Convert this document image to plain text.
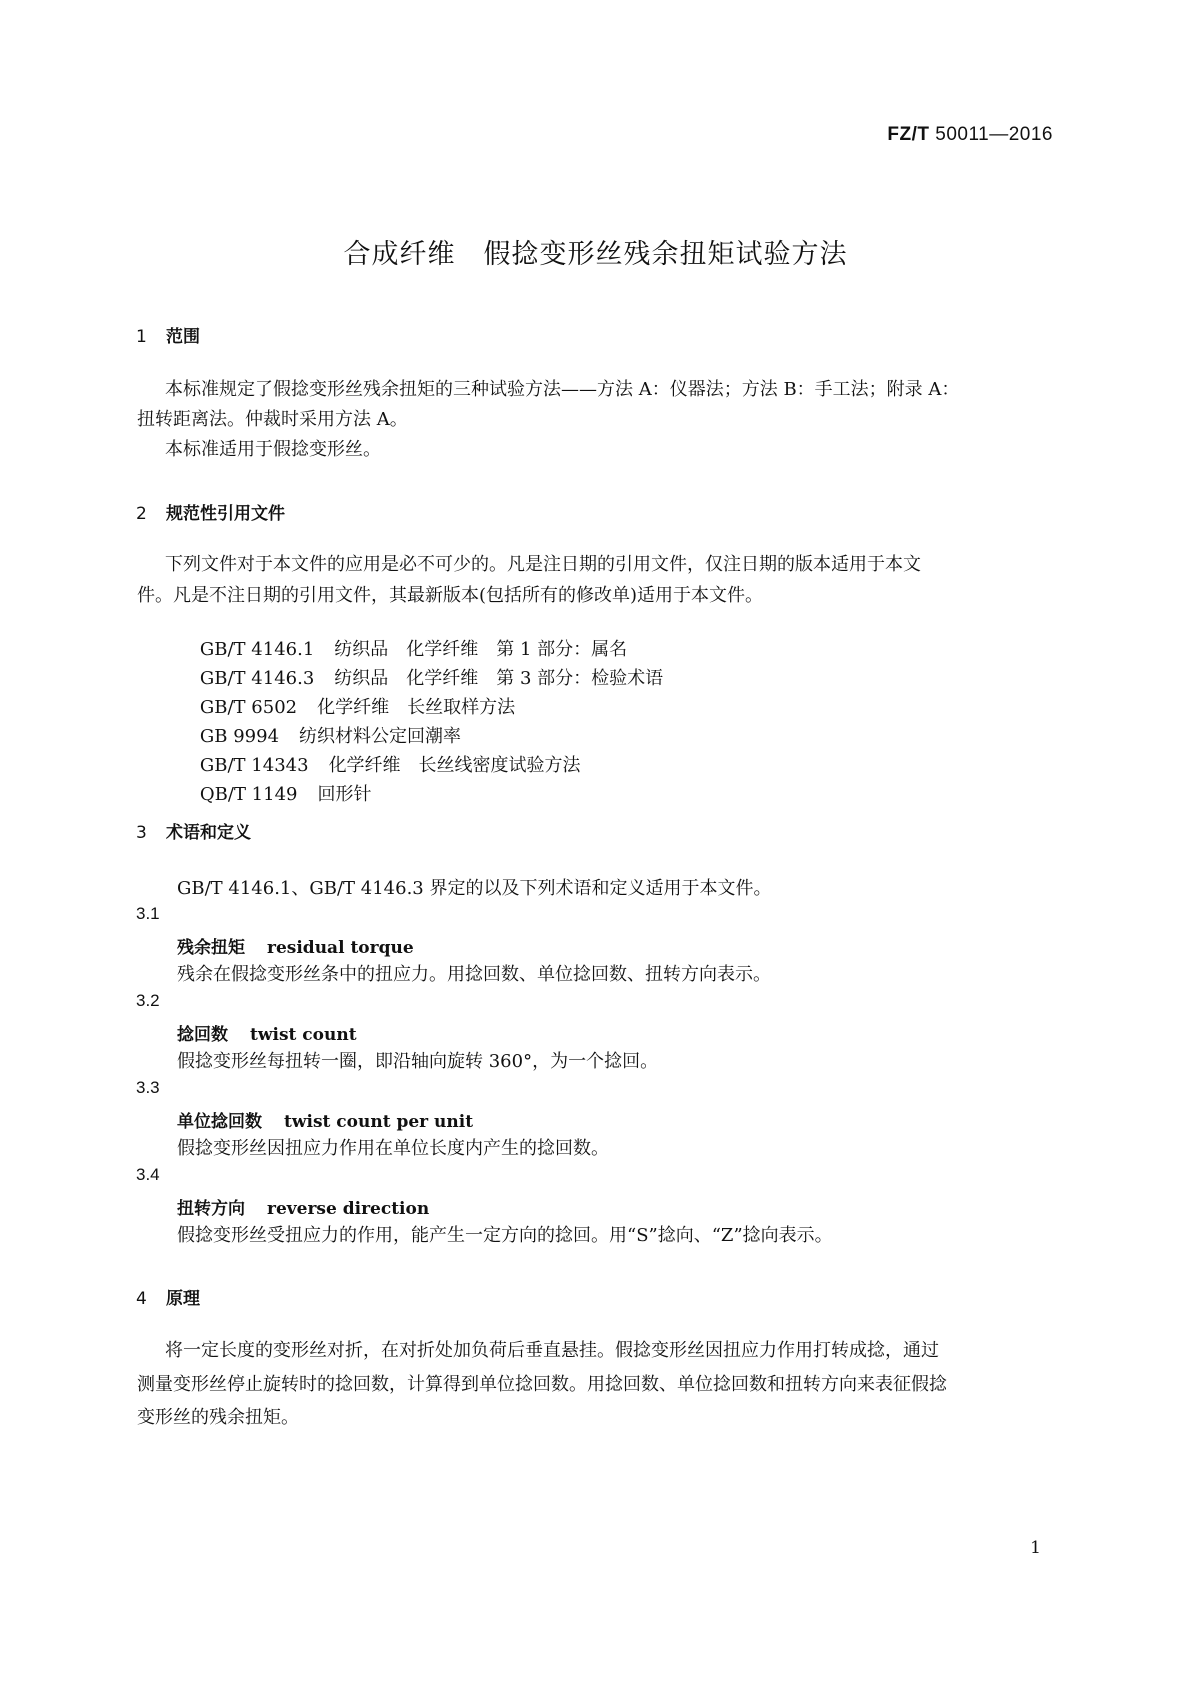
FZ/T 50011—2016
合成纤维　假捻变形丝残余扭矩试验方法
1 范围
本标准规定了假捻变形丝残余扭矩的三种试验方法——方法 A：仪器法；方法 B：手工法；附录 A：
扭转距离法。仲裁时采用方法 A。
本标准适用于假捻变形丝。
2 规范性引用文件
下列文件对于本文件的应用是必不可少的。凡是注日期的引用文件，仅注日期的版本适用于本文
件。凡是不注日期的引用文件，其最新版本(包括所有的修改单)适用于本文件。

GB/T 4146.1 纺织品　化学纤维　第 1 部分：属名

GB/T 4146.3 纺织品　化学纤维　第 3 部分：检验术语

GB/T 6502 化学纤维　长丝取样方法

GB 9994 纺织材料公定回潮率

GB/T 14343 化学纤维　长丝线密度试验方法

QB/T 1149 回形针

3 术语和定义
GB/T 4146.1、GB/T 4146.3 界定的以及下列术语和定义适用于本文件。
3.1
残余扭矩 residual torque
残余在假捻变形丝条中的扭应力。用捻回数、单位捻回数、扭转方向表示。
3.2
捻回数 twist count
假捻变形丝每扭转一圈，即沿轴向旋转 360°，为一个捻回。
3.3
单位捻回数 twist count per unit
假捻变形丝因扭应力作用在单位长度内产生的捻回数。
3.4
扭转方向 reverse direction
假捻变形丝受扭应力的作用，能产生一定方向的捻回。用“S”捻向、“Z”捻向表示。
4 原理
将一定长度的变形丝对折，在对折处加负荷后垂直悬挂。假捻变形丝因扭应力作用打转成捻，通过
测量变形丝停止旋转时的捻回数，计算得到单位捻回数。用捻回数、单位捻回数和扭转方向来表征假捻
变形丝的残余扭矩。
1
